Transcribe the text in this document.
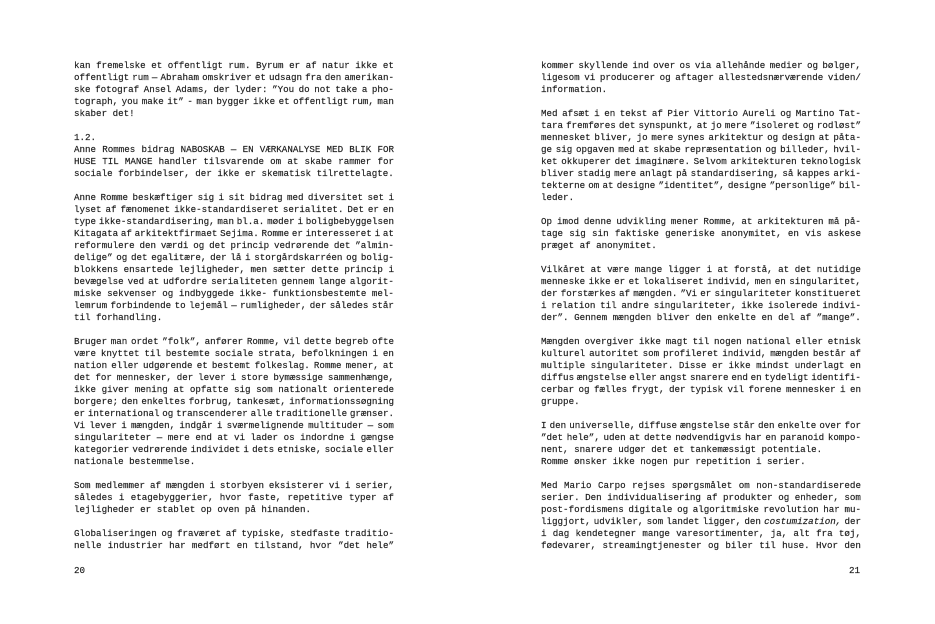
kan fremelske et offentligt rum. Byrum er af natur ikke et
offentligt rum — Abraham omskriver et udsagn fra den amerikan-
ske fotograf Ansel Adams, der lyder: ”You do not take a pho-
tograph, you make it” - man bygger ikke et offentligt rum, man
skaber det!
1.2.
Anne Rommes bidrag NABOSKAB — EN VÆRKANALYSE MED BLIK FOR
HUSE TIL MANGE handler tilsvarende om at skabe rammer for
sociale forbindelser, der ikke er skematisk tilrettelagte.
Anne Romme beskæftiger sig i sit bidrag med diversitet set i
lyset af fænomenet ikke-standardiseret serialitet. Det er en
type ikke-standardisering, man bl.a. møder i boligbebyggelsen
Kitagata af arkitektfirmaet Sejima. Romme er interesseret i at
reformulere den værdi og det princip vedrørende det ”almin-
delige” og det egalitære, der lå i storgårdskarréen og bolig-
blokkens ensartede lejligheder, men sætter dette princip i
bevægelse ved at udfordre serialiteten gennem lange algorit-
miske sekvenser og indbyggede ikke- funktionsbestemte mel-
lemrum forbindende to lejemål — rumligheder, der således står
til forhandling.
Bruger man ordet ”folk”, anfører Romme, vil dette begreb ofte
være knyttet til bestemte sociale strata, befolkningen i en
nation eller udgørende et bestemt folkeslag. Romme mener, at
det for mennesker, der lever i store bymæssige sammenhænge,
ikke giver mening at opfatte sig som nationalt orienterede
borgere; den enkeltes forbrug, tankesæt, informationssøgning
er international og transcenderer alle traditionelle grænser.
Vi lever i mængden, indgår i sværmelignende multituder — som
singulariteter — mere end at vi lader os indordne i gængse
kategorier vedrørende individet i dets etniske, sociale eller
nationale bestemmelse.
Som medlemmer af mængden i storbyen eksisterer vi i serier,
således i etagebyggerier, hvor faste, repetitive typer af
lejligheder er stablet op oven på hinanden.
Globaliseringen og fraværet af typiske, stedfaste traditio-
nelle industrier har medført en tilstand, hvor ”det hele”
20
kommer skyllende ind over os via allehånde medier og bølger,
ligesom vi producerer og aftager allestedsnærværende viden/
information.
Med afsæt i en tekst af Pier Vittorio Aureli og Martino Tat-
tara fremføres det synspunkt, at jo mere ”isoleret og rodløst”
mennesket bliver, jo mere synes arkitektur og design at påta-
ge sig opgaven med at skabe repræsentation og billeder, hvil-
ket okkuperer det imaginære. Selvom arkitekturen teknologisk
bliver stadig mere anlagt på standardisering, så kappes arki-
tekterne om at designe ”identitet”, designe ”personlige” bil-
leder.
Op imod denne udvikling mener Romme, at arkitekturen må på-
tage sig sin faktiske generiske anonymitet, en vis askese
præget af anonymitet.
Vilkåret at være mange ligger i at forstå, at det nutidige
menneske ikke er et lokaliseret individ, men en singularitet,
der forstærkes af mængden. ”Vi er singulariteter konstitueret
i relation til andre singulariteter, ikke isolerede indivi-
der”. Gennem mængden bliver den enkelte en del af ”mange”.
Mængden overgiver ikke magt til nogen national eller etnisk
kulturel autoritet som profileret individ, mængden består af
multiple singulariteter. Disse er ikke mindst underlagt en
diffus ængstelse eller angst snarere end en tydeligt identifi-
cerbar og fælles frygt, der typisk vil forene mennesker i en
gruppe.
I den universelle, diffuse ængstelse står den enkelte over for
”det hele”, uden at dette nødvendigvis har en paranoid kompo-
nent, snarere udgør det et tankemæssigt potentiale.
Romme ønsker ikke nogen pur repetition i serier.
Med Mario Carpo rejses spørgsmålet om non-standardiserede
serier. Den individualisering af produkter og enheder, som
post-fordismens digitale og algoritmiske revolution har mu-
liggjort, udvikler, som landet ligger, den costumization, der
i dag kendetegner mange varesortimenter, ja, alt fra tøj,
fødevarer, streamingtjenester og biler til huse. Hvor den
21
